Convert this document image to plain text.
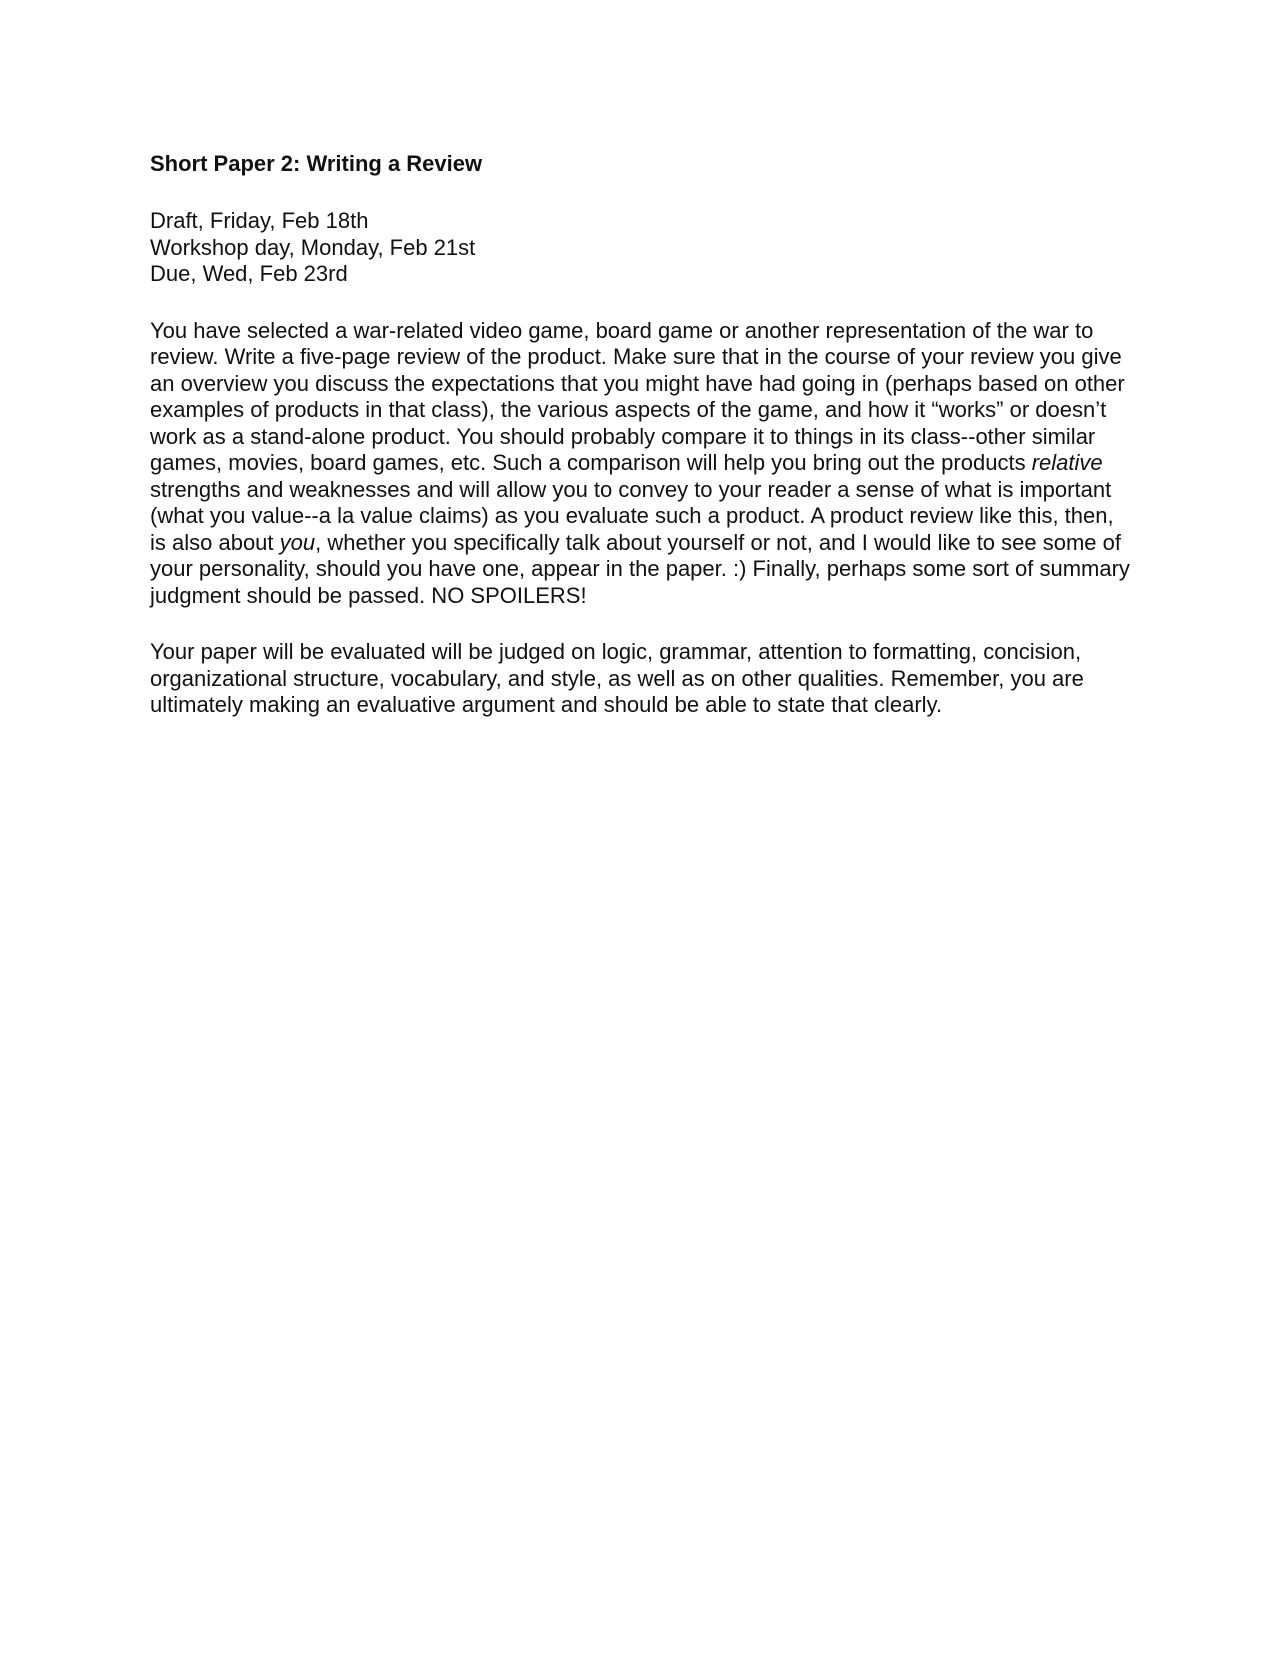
Short Paper 2: Writing a Review
Draft, Friday, Feb 18th
Workshop day, Monday, Feb 21st
Due, Wed, Feb 23rd

You have selected a war-related video game, board game or another representation of the war to review. Write a five-page review of the product. Make sure that in the course of your review you give an overview you discuss the expectations that you might have had going in (perhaps based on other examples of products in that class), the various aspects of the game, and how it “works” or doesn’t work as a stand-alone product. You should probably compare it to things in its class--other similar games, movies, board games, etc. Such a comparison will help you bring out the products relative strengths and weaknesses and will allow you to convey to your reader a sense of what is important (what you value--a la value claims) as you evaluate such a product. A product review like this, then, is also about you, whether you specifically talk about yourself or not, and I would like to see some of your personality, should you have one, appear in the paper. :) Finally, perhaps some sort of summary judgment should be passed. NO SPOILERS!

Your paper will be evaluated will be judged on logic, grammar, attention to formatting, concision, organizational structure, vocabulary, and style, as well as on other qualities. Remember, you are ultimately making an evaluative argument and should be able to state that clearly.
